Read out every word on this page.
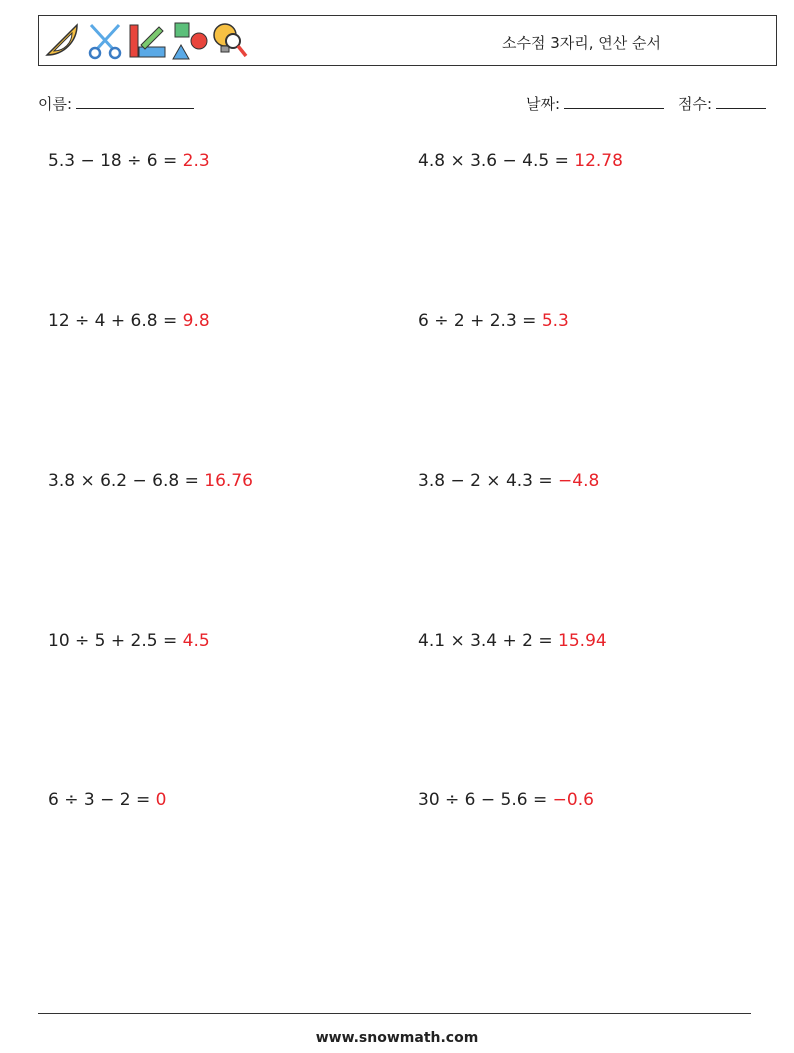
소수점 3자리, 연산 순서
이름:	날짜:	점수:
5.3 − 18 ÷ 6 = 2.3	4.8 × 3.6 − 4.5 = 12.78
12 ÷ 4 + 6.8 = 9.8	6 ÷ 2 + 2.3 = 5.3
3.8 × 6.2 − 6.8 = 16.76	3.8 − 2 × 4.3 = −4.8
10 ÷ 5 + 2.5 = 4.5	4.1 × 3.4 + 2 = 15.94
6 ÷ 3 − 2 = 0	30 ÷ 6 − 5.6 = −0.6
www.snowmath.com
